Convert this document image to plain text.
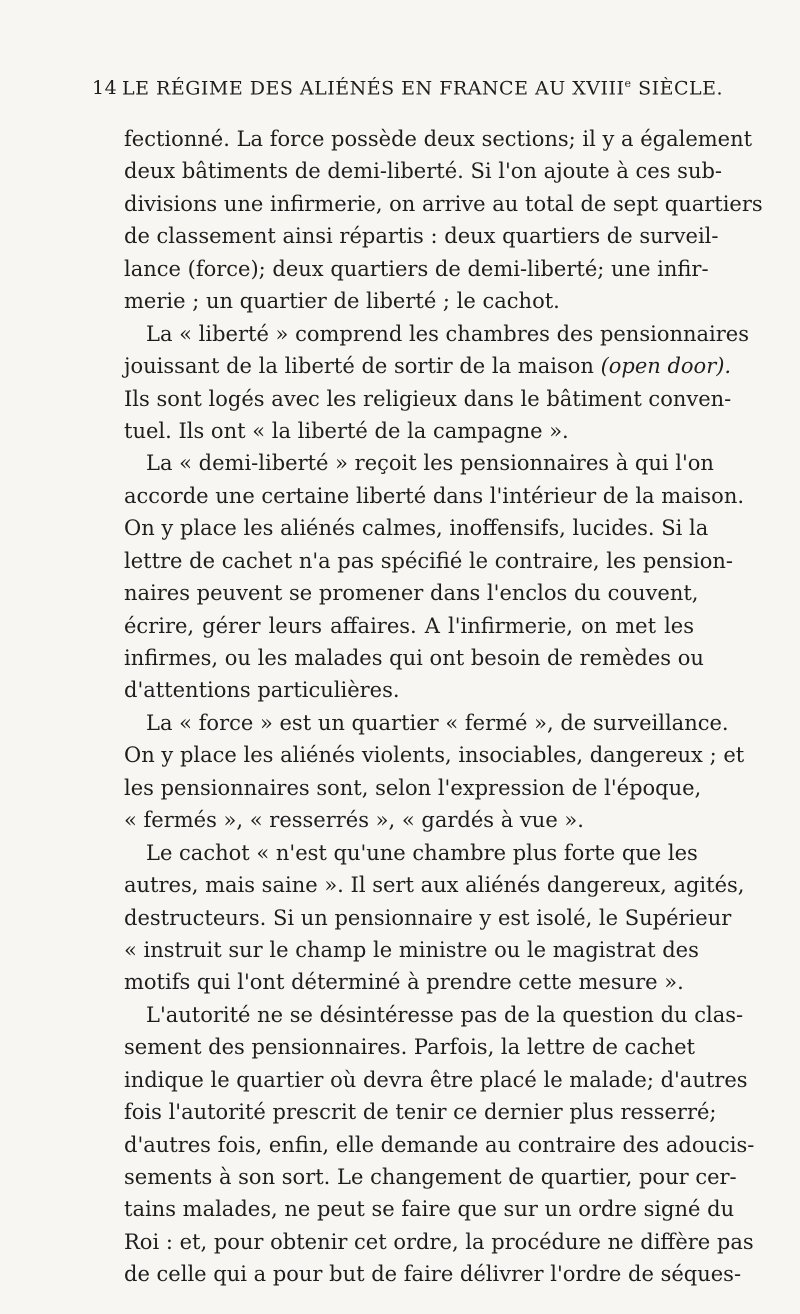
14 LE RÉGIME DES ALIÉNÉS EN FRANCE AU XVIIIe SIÈCLE.
fectionné. La force possède deux sections; il y a également
deux bâtiments de demi-liberté. Si l'on ajoute à ces sub-
divisions une infirmerie, on arrive au total de sept quartiers
de classement ainsi répartis : deux quartiers de surveil-
lance (force); deux quartiers de demi-liberté; une infir-
merie ; un quartier de liberté ; le cachot.
La « liberté » comprend les chambres des pensionnaires
jouissant de la liberté de sortir de la maison (open door).
Ils sont logés avec les religieux dans le bâtiment conven-
tuel. Ils ont « la liberté de la campagne ».
La « demi-liberté » reçoit les pensionnaires à qui l'on
accorde une certaine liberté dans l'intérieur de la maison.
On y place les aliénés calmes, inoffensifs, lucides. Si la
lettre de cachet n'a pas spécifié le contraire, les pension-
naires peuvent se promener dans l'enclos du couvent,
écrire, gérer leurs affaires. A l'infirmerie, on met les
infirmes, ou les malades qui ont besoin de remèdes ou
d'attentions particulières.
La « force » est un quartier « fermé », de surveillance.
On y place les aliénés violents, insociables, dangereux ; et
les pensionnaires sont, selon l'expression de l'époque,
« fermés », « resserrés », « gardés à vue ».
Le cachot « n'est qu'une chambre plus forte que les
autres, mais saine ». Il sert aux aliénés dangereux, agités,
destructeurs. Si un pensionnaire y est isolé, le Supérieur
« instruit sur le champ le ministre ou le magistrat des
motifs qui l'ont déterminé à prendre cette mesure ».
L'autorité ne se désintéresse pas de la question du clas-
sement des pensionnaires. Parfois, la lettre de cachet
indique le quartier où devra être placé le malade; d'autres
fois l'autorité prescrit de tenir ce dernier plus resserré;
d'autres fois, enfin, elle demande au contraire des adoucis-
sements à son sort. Le changement de quartier, pour cer-
tains malades, ne peut se faire que sur un ordre signé du
Roi : et, pour obtenir cet ordre, la procédure ne diffère pas
de celle qui a pour but de faire délivrer l'ordre de séques-
